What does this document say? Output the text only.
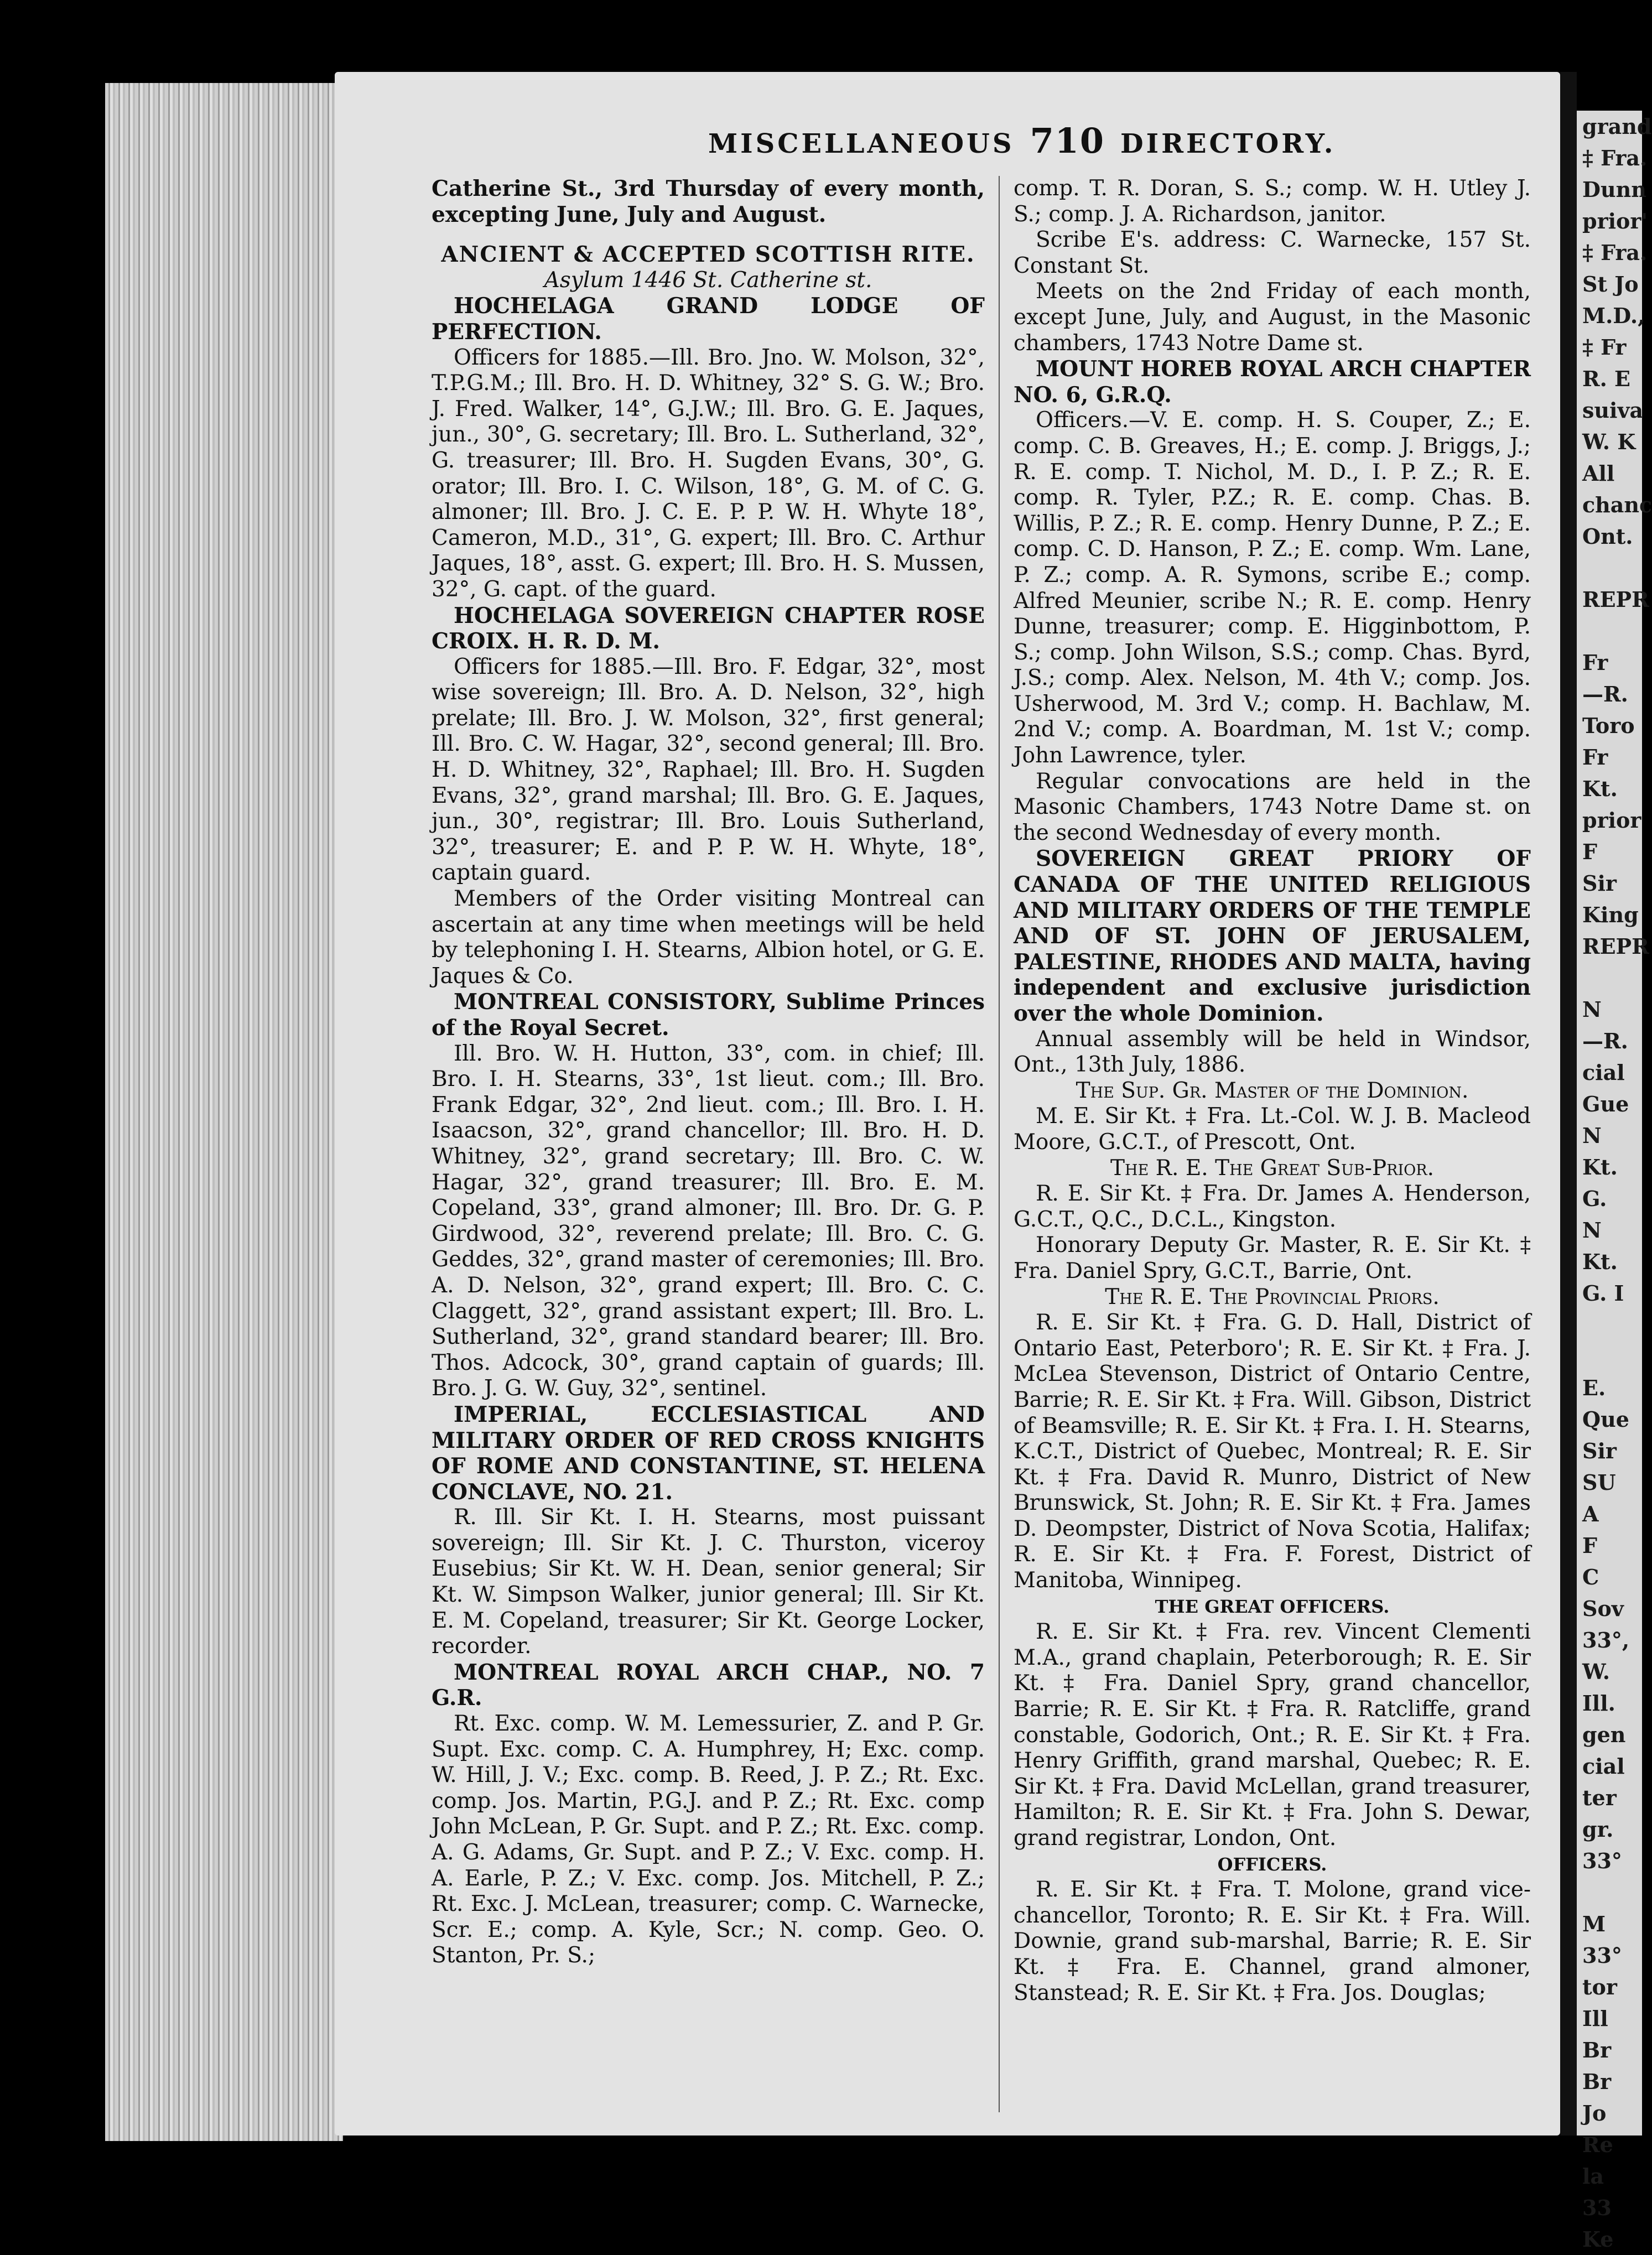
grand
‡ Fra.
Dunn
prior'
‡ Fra.
St Jo
M.D.,
‡ Fr
R. E
suiva
W. K
All
chanc
Ont.

REPR

Fr
—R.
Toro
Fr
Kt.
prior
F
Sir
King
REPR

N
—R.
cial
Gue
N
Kt.
G.
N
Kt.
G. I

E.
Que
Sir
SU
A
F
C
Sov
33°,
W.
Ill.
gen
cial
ter
gr.
33°

M
33°
tor
Ill
Br
Br
Jo
Re
la
33
Ke
MISCELLANEOUS 710 DIRECTORY.

Catherine St., 3rd Thursday of every month, excepting June, July and August.

ANCIENT & ACCEPTED SCOTTISH RITE.

Asylum 1446 St. Catherine st.

HOCHELAGA GRAND LODGE OF PERFECTION.

Officers for 1885.—Ill. Bro. Jno. W. Molson, 32°, T.P.G.M.; Ill. Bro. H. D. Whitney, 32° S. G. W.; Bro. J. Fred. Walker, 14°, G.J.W.; Ill. Bro. G. E. Jaques, jun., 30°, G. secretary; Ill. Bro. L. Sutherland, 32°, G. treasurer; Ill. Bro. H. Sugden Evans, 30°, G. orator; Ill. Bro. I. C. Wilson, 18°, G. M. of C. G. almoner; Ill. Bro. J. C. E. P. P. W. H. Whyte 18°, Cameron, M.D., 31°, G. expert; Ill. Bro. C. Arthur Jaques, 18°, asst. G. expert; Ill. Bro. H. S. Mussen, 32°, G. capt. of the guard.

HOCHELAGA SOVEREIGN CHAPTER ROSE CROIX. H. R. D. M.

Officers for 1885.—Ill. Bro. F. Edgar, 32°, most wise sovereign; Ill. Bro. A. D. Nelson, 32°, high prelate; Ill. Bro. J. W. Molson, 32°, first general; Ill. Bro. C. W. Hagar, 32°, second general; Ill. Bro. H. D. Whitney, 32°, Raphael; Ill. Bro. H. Sugden Evans, 32°, grand marshal; Ill. Bro. G. E. Jaques, jun., 30°, registrar; Ill. Bro. Louis Sutherland, 32°, treasurer; E. and P. P. W. H. Whyte, 18°, captain guard.

Members of the Order visiting Montreal can ascertain at any time when meetings will be held by telephoning I. H. Stearns, Albion hotel, or G. E. Jaques & Co.

MONTREAL CONSISTORY, Sublime Princes of the Royal Secret.

Ill. Bro. W. H. Hutton, 33°, com. in chief; Ill. Bro. I. H. Stearns, 33°, 1st lieut. com.; Ill. Bro. Frank Edgar, 32°, 2nd lieut. com.; Ill. Bro. I. H. Isaacson, 32°, grand chancellor; Ill. Bro. H. D. Whitney, 32°, grand secretary; Ill. Bro. C. W. Hagar, 32°, grand treasurer; Ill. Bro. E. M. Copeland, 33°, grand almoner; Ill. Bro. Dr. G. P. Girdwood, 32°, reverend prelate; Ill. Bro. C. G. Geddes, 32°, grand master of ceremonies; Ill. Bro. A. D. Nelson, 32°, grand expert; Ill. Bro. C. C. Claggett, 32°, grand assistant expert; Ill. Bro. L. Sutherland, 32°, grand standard bearer; Ill. Bro. Thos. Adcock, 30°, grand captain of guards; Ill. Bro. J. G. W. Guy, 32°, sentinel.

IMPERIAL, ECCLESIASTICAL AND MILITARY ORDER OF RED CROSS KNIGHTS OF ROME AND CONSTANTINE, ST. HELENA CONCLAVE, NO. 21.

R. Ill. Sir Kt. I. H. Stearns, most puissant sovereign; Ill. Sir Kt. J. C. Thurston, viceroy Eusebius; Sir Kt. W. H. Dean, senior general; Sir Kt. W. Simpson Walker, junior general; Ill. Sir Kt. E. M. Copeland, treasurer; Sir Kt. George Locker, recorder.

MONTREAL ROYAL ARCH CHAP., NO. 7 G.R.

Rt. Exc. comp. W. M. Lemessurier, Z. and P. Gr. Supt. Exc. comp. C. A. Humphrey, H; Exc. comp. W. Hill, J. V.; Exc. comp. B. Reed, J. P. Z.; Rt. Exc. comp. Jos. Martin, P.G.J. and P. Z.; Rt. Exc. comp John McLean, P. Gr. Supt. and P. Z.; Rt. Exc. comp. A. G. Adams, Gr. Supt. and P. Z.; V. Exc. comp. H. A. Earle, P. Z.; V. Exc. comp. Jos. Mitchell, P. Z.; Rt. Exc. J. McLean, treasurer; comp. C. Warnecke, Scr. E.; comp. A. Kyle, Scr.; N. comp. Geo. O. Stanton, Pr. S.;

comp. T. R. Doran, S. S.; comp. W. H. Utley J. S.; comp. J. A. Richardson, janitor.

Scribe E's. address: C. Warnecke, 157 St. Constant St.

Meets on the 2nd Friday of each month, except June, July, and August, in the Masonic chambers, 1743 Notre Dame st.

MOUNT HOREB ROYAL ARCH CHAPTER NO. 6, G.R.Q.

Officers.—V. E. comp. H. S. Couper, Z.; E. comp. C. B. Greaves, H.; E. comp. J. Briggs, J.; R. E. comp. T. Nichol, M. D., I. P. Z.; R. E. comp. R. Tyler, P.Z.; R. E. comp. Chas. B. Willis, P. Z.; R. E. comp. Henry Dunne, P. Z.; E. comp. C. D. Hanson, P. Z.; E. comp. Wm. Lane, P. Z.; comp. A. R. Symons, scribe E.; comp. Alfred Meunier, scribe N.; R. E. comp. Henry Dunne, treasurer; comp. E. Higginbottom, P. S.; comp. John Wilson, S.S.; comp. Chas. Byrd, J.S.; comp. Alex. Nelson, M. 4th V.; comp. Jos. Usherwood, M. 3rd V.; comp. H. Bachlaw, M. 2nd V.; comp. A. Boardman, M. 1st V.; comp. John Lawrence, tyler.

Regular convocations are held in the Masonic Chambers, 1743 Notre Dame st. on the second Wednesday of every month.

SOVEREIGN GREAT PRIORY OF CANADA OF THE UNITED RELIGIOUS AND MILITARY ORDERS OF THE TEMPLE AND OF ST. JOHN OF JERUSALEM, PALESTINE, RHODES AND MALTA, having independent and exclusive jurisdiction over the whole Dominion.

Annual assembly will be held in Windsor, Ont., 13th July, 1886.

The Sup. Gr. Master of the Dominion.

M. E. Sir Kt. ‡ Fra. Lt.-Col. W. J. B. Macleod Moore, G.C.T., of Prescott, Ont.

The R. E. The Great Sub-Prior.

R. E. Sir Kt. ‡ Fra. Dr. James A. Henderson, G.C.T., Q.C., D.C.L., Kingston.

Honorary Deputy Gr. Master, R. E. Sir Kt. ‡ Fra. Daniel Spry, G.C.T., Barrie, Ont.

The R. E. The Provincial Priors.

R. E. Sir Kt. ‡ Fra. G. D. Hall, District of Ontario East, Peterboro'; R. E. Sir Kt. ‡ Fra. J. McLea Stevenson, District of Ontario Centre, Barrie; R. E. Sir Kt. ‡ Fra. Will. Gibson, District of Beamsville; R. E. Sir Kt. ‡ Fra. I. H. Stearns, K.C.T., District of Quebec, Montreal; R. E. Sir Kt. ‡ Fra. David R. Munro, District of New Brunswick, St. John; R. E. Sir Kt. ‡ Fra. James D. Deompster, District of Nova Scotia, Halifax; R. E. Sir Kt. ‡ Fra. F. Forest, District of Manitoba, Winnipeg.

THE GREAT OFFICERS.

R. E. Sir Kt. ‡ Fra. rev. Vincent Clementi M.A., grand chaplain, Peterborough; R. E. Sir Kt. ‡ Fra. Daniel Spry, grand chancellor, Barrie; R. E. Sir Kt. ‡ Fra. R. Ratcliffe, grand constable, Godorich, Ont.; R. E. Sir Kt. ‡ Fra. Henry Griffith, grand marshal, Quebec; R. E. Sir Kt. ‡ Fra. David McLellan, grand treasurer, Hamilton; R. E. Sir Kt. ‡ Fra. John S. Dewar, grand registrar, London, Ont.

OFFICERS.

R. E. Sir Kt. ‡ Fra. T. Molone, grand vice-chancellor, Toronto; R. E. Sir Kt. ‡ Fra. Will. Downie, grand sub-marshal, Barrie; R. E. Sir Kt. ‡ Fra. E. Channel, grand almoner, Stanstead; R. E. Sir Kt. ‡ Fra. Jos. Douglas;
